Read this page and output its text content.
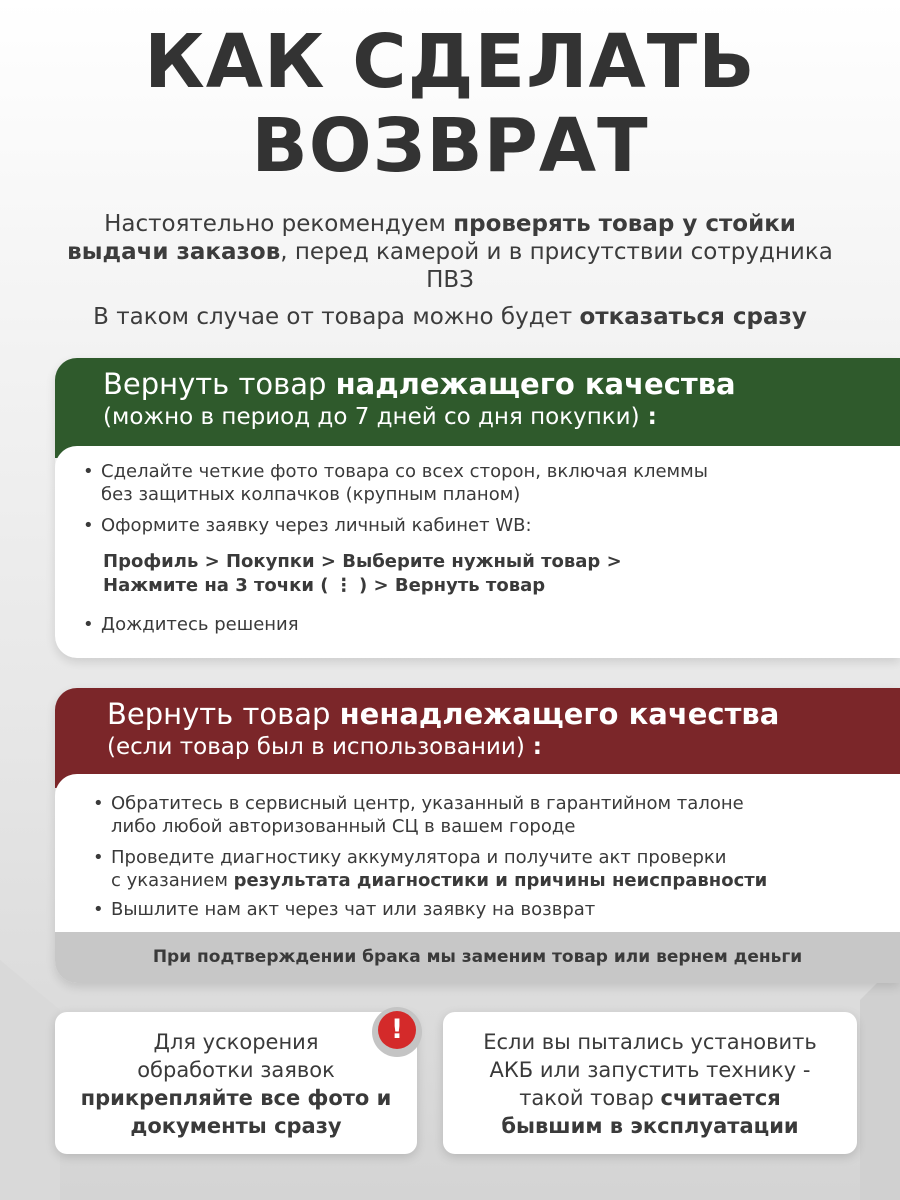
КАК СДЕЛАТЬ
ВОЗВРАТ
Настоятельно рекомендуем проверять товар у стойки выдачи заказов, перед камерой и в присутствии сотрудника ПВЗ
В таком случае от товара можно будет отказаться сразу
Вернуть товар надлежащего качества
(можно в период до 7 дней со дня покупки) :
• Сделайте четкие фото товара со всех сторон, включая клеммы
без защитных колпачков (крупным планом)
• Оформите заявку через личный кабинет WB:
Профиль > Покупки > Выберите нужный товар >
Нажмите на 3 точки ( ⋮ ) > Вернуть товар
• Дождитесь решения
Вернуть товар ненадлежащего качества
(если товар был в использовании) :
• Обратитесь в сервисный центр, указанный в гарантийном талоне
либо любой авторизованный СЦ в вашем городе
• Проведите диагностику аккумулятора и получите акт проверки
с указанием результата диагностики и причины неисправности
• Вышлите нам акт через чат или заявку на возврат
При подтверждении брака мы заменим товар или вернем деньги
Для ускорения
обработки заявок
прикрепляйте все фото и
документы сразу
!	Если вы пытались установить
АКБ или запустить технику -
такой товар считается
бывшим в эксплуатации
